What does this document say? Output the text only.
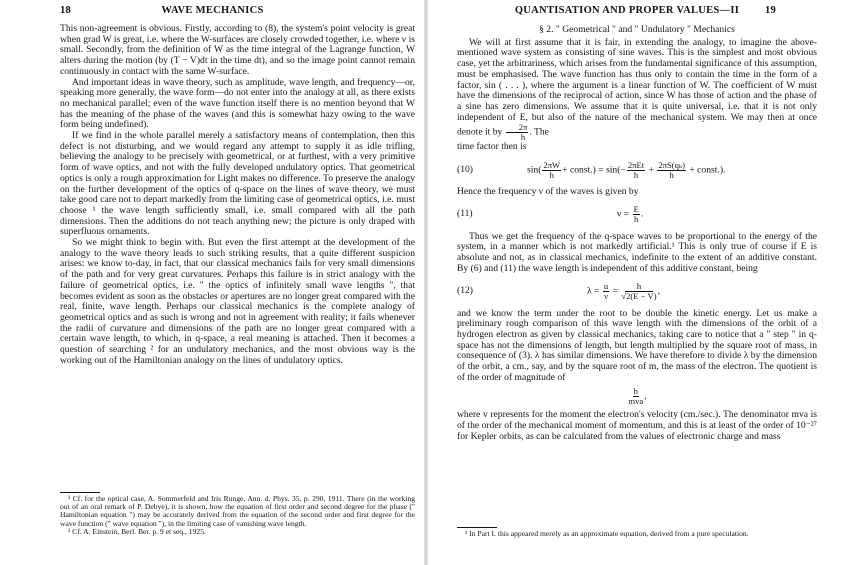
18	WAVE MECHANICS

This non-agreement is obvious. Firstly, according to (8), the system's point velocity is great when grad W is great, i.e. where the W-surfaces are closely crowded together, i.e. where ν is small. Secondly, from the definition of W as the time integral of the Lagrange function, W alters during the motion (by (T − V)dt in the time dt), and so the image point cannot remain continuously in contact with the same W-surface.

And important ideas in wave theory, such as amplitude, wave length, and frequency—or, speaking more generally, the wave form—do not enter into the analogy at all, as there exists no mechanical parallel; even of the wave function itself there is no mention beyond that W has the meaning of the phase of the waves (and this is somewhat hazy owing to the wave form being undefined).

If we find in the whole parallel merely a satisfactory means of contemplation, then this defect is not disturbing, and we would regard any attempt to supply it as idle trifling, believing the analogy to be precisely with geometrical, or at furthest, with a very primitive form of wave optics, and not with the fully developed undulatory optics. That geometrical optics is only a rough approximation for Light makes no difference. To preserve the analogy on the further development of the optics of q-space on the lines of wave theory, we must take good care not to depart markedly from the limiting case of geometrical optics, i.e. must choose ¹ the wave length sufficiently small, i.e. small compared with all the path dimensions. Then the additions do not teach anything new; the picture is only draped with superfluous ornaments.

So we might think to begin with. But even the first attempt at the development of the analogy to the wave theory leads to such striking results, that a quite different suspicion arises: we know to-day, in fact, that our classical mechanics fails for very small dimensions of the path and for very great curvatures. Perhaps this failure is in strict analogy with the failure of geometrical optics, i.e. " the optics of infinitely small wave lengths ", that becomes evident as soon as the obstacles or apertures are no longer great compared with the real, finite, wave length. Perhaps our classical mechanics is the complete analogy of geometrical optics and as such is wrong and not in agreement with reality; it fails whenever the radii of curvature and dimensions of the path are no longer great compared with a certain wave length, to which, in q-space, a real meaning is attached. Then it becomes a question of searching ² for an undulatory mechanics, and the most obvious way is the working out of the Hamiltonian analogy on the lines of undulatory optics.

¹ Cf. for the optical case, A. Sommerfeld and Iris Runge, Ann. d. Phys. 35, p. 290, 1911. There (in the working out of an oral remark of P. Debye), it is shown, how the equation of first order and second degree for the phase (" Hamiltonian equation ") may be accurately derived from the equation of the second order and first degree for the wave function (" wave equation "), in the limiting case of vanishing wave length.

² Cf. A. Einstein, Berl. Ber. p. 9 et seq., 1925.

QUANTISATION AND PROPER VALUES—II	19
§ 2. " Geometrical " and " Undulatory " Mechanics

We will at first assume that it is fair, in extending the analogy, to imagine the above-mentioned wave system as consisting of sine waves. This is the simplest and most obvious case, yet the arbitrariness, which arises from the fundamental significance of this assumption, must be emphasised. The wave function has thus only to contain the time in the form of a factor, sin ( . . . ), where the argument is a linear function of W. The coefficient of W must have the dimensions of the reciprocal of action, since W has those of action and the phase of a sine has zero dimensions. We assume that it is quite universal, i.e. that it is not only independent of E, but also of the nature of the mechanical system. We may then at once denote it by $\frac{2\pi}{h}$ . The

time factor then is

(10)	$\sin( \frac{2\pi W}{h}$ + const.) = $\sin(- \frac{\text{2πEt}}{h} + \frac{\text{2πS(qₖ)}}{h}$ + const.).

Hence the frequency ν of the waves is given by

(11)	$\nu = \frac{E}{h}$ .

Thus we get the frequency of the q-space waves to be proportional to the energy of the system, in a manner which is not markedly artificial.¹ This is only true of course if E is absolute and not, as in classical mechanics, indefinite to the extent of an additive constant. By (6) and (11) the wave length is independent of this additive constant, being

(12)	$\lambda = \frac{u}{\nu} = \frac{h}{√2(E - V)}$ ,

and we know the term under the root to be double the kinetic energy. Let us make a preliminary rough comparison of this wave length with the dimensions of the orbit of a hydrogen electron as given by classical mechanics, taking care to notice that a " step " in q-space has not the dimensions of length, but length multiplied by the square root of mass, in consequence of (3). λ has similar dimensions. We have therefore to divide λ by the dimension of the orbit, a cm., say, and by the square root of m, the mass of the electron. The quotient is of the order of magnitude of

$\frac{h}{\text{mva}}$ ,

where v represents for the moment the electron's velocity (cm./sec.). The denominator mva is of the order of the mechanical moment of momentum, and this is at least of the order of 10⁻²⁷ for Kepler orbits, as can be calculated from the values of electronic charge and mass

¹ In Part I. this appeared merely as an approximate equation, derived from a pure speculation.
